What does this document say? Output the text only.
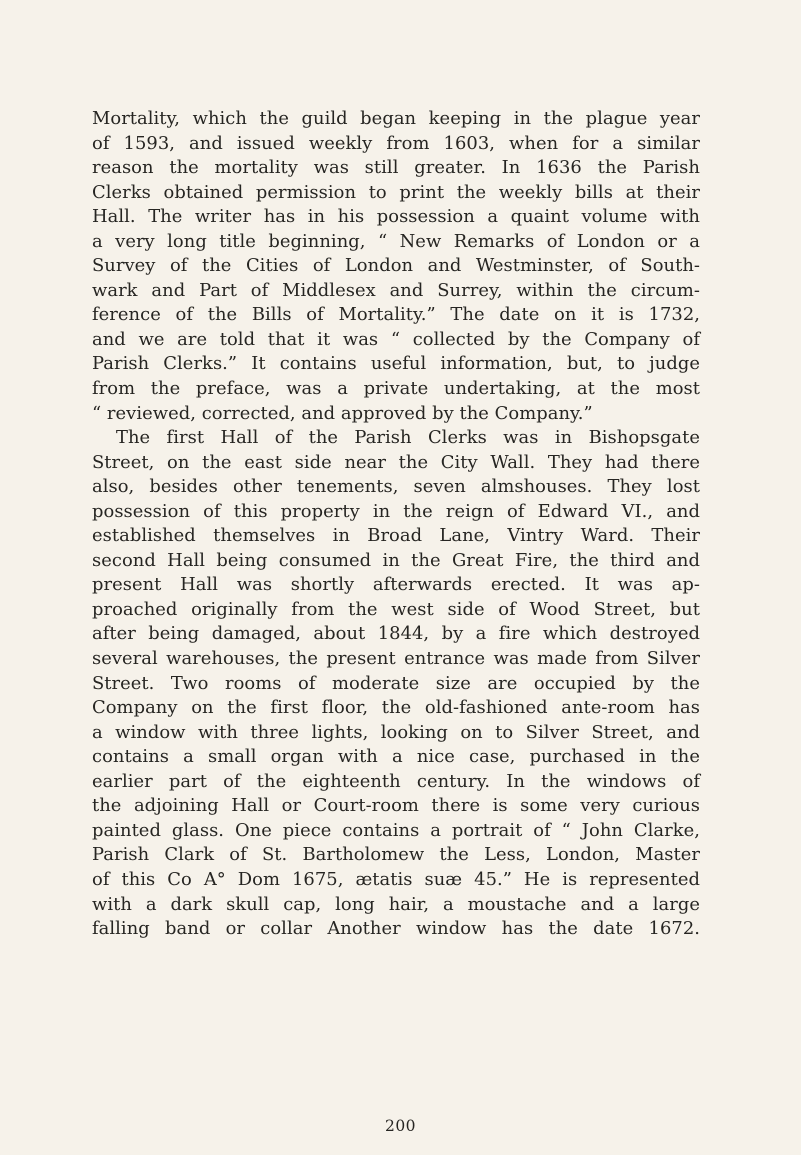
Mortality, which the guild began keeping in the plague year
of 1593, and issued weekly from 1603, when for a similar
reason the mortality was still greater. In 1636 the Parish
Clerks obtained permission to print the weekly bills at their
Hall. The writer has in his possession a quaint volume with
a very long title beginning, “ New Remarks of London or a
Survey of the Cities of London and Westminster, of South-
wark and Part of Middlesex and Surrey, within the circum-
ference of the Bills of Mortality.” The date on it is 1732,
and we are told that it was “ collected by the Company of
Parish Clerks.” It contains useful information, but, to judge
from the preface, was a private undertaking, at the most
“ reviewed, corrected, and approved by the Company.”
The first Hall of the Parish Clerks was in Bishopsgate
Street, on the east side near the City Wall. They had there
also, besides other tenements, seven almshouses. They lost
possession of this property in the reign of Edward VI., and
established themselves in Broad Lane, Vintry Ward. Their
second Hall being consumed in the Great Fire, the third and
present Hall was shortly afterwards erected. It was ap-
proached originally from the west side of Wood Street, but
after being damaged, about 1844, by a fire which destroyed
several warehouses, the present entrance was made from Silver
Street. Two rooms of moderate size are occupied by the
Company on the first floor, the old-fashioned ante-room has
a window with three lights, looking on to Silver Street, and
contains a small organ with a nice case, purchased in the
earlier part of the eighteenth century. In the windows of
the adjoining Hall or Court-room there is some very curious
painted glass. One piece contains a portrait of “ John Clarke,
Parish Clark of St. Bartholomew the Less, London, Master
of this Co A° Dom 1675, ætatis suæ 45.” He is represented
with a dark skull cap, long hair, a moustache and a large
falling band or collar Another window has the date 1672.
200
